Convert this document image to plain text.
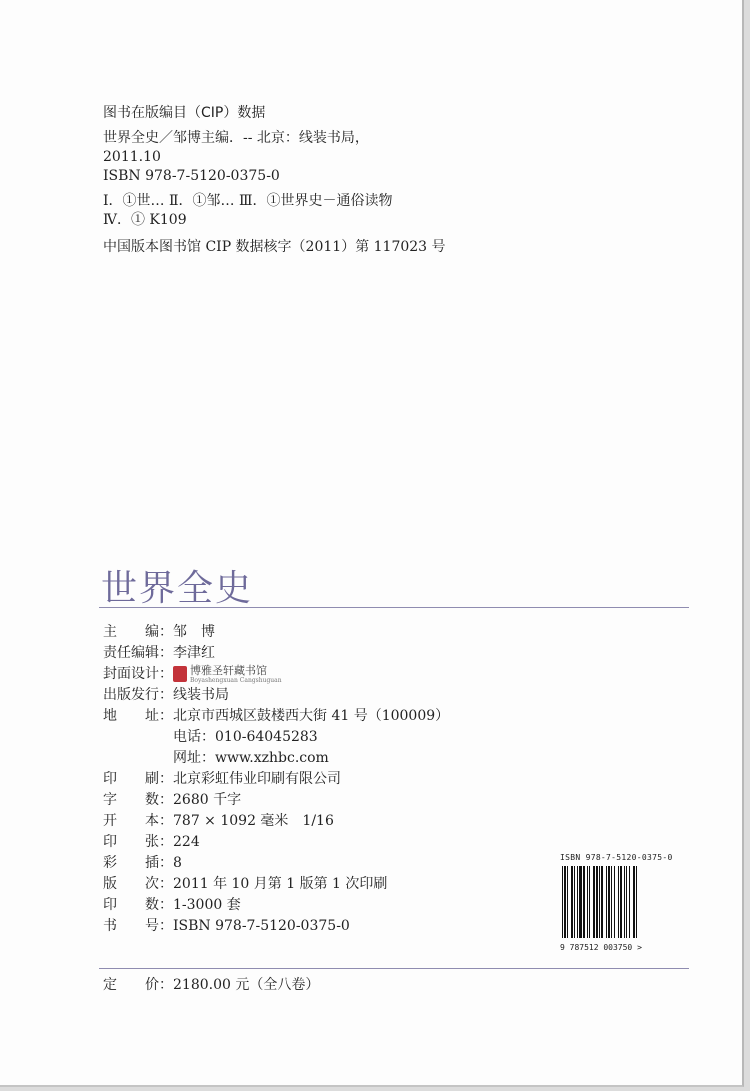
图书在版编目（CIP）数据
世界全史／邹博主编．-- 北京：线装书局，
2011.10
ISBN 978-7-5120-0375-0
Ⅰ．①世… Ⅱ．①邹… Ⅲ．①世界史－通俗读物
Ⅳ．① K109
中国版本图书馆 CIP 数据核字（2011）第 117023 号
世界全史
主　　编：邹　博
责任编辑：李津红
封面设计： 博雅圣轩藏书馆
Boyashengxuan Cangshuguan
出版发行：线装书局
地　　址：北京市西城区鼓楼西大街 41 号（100009）
电话：010-64045283
网址：www.xzhbc.com
印　　刷：北京彩虹伟业印刷有限公司
字　　数：2680 千字
开　　本：787 × 1092 毫米　1/16
印　　张：224
彩　　插：8
版　　次：2011 年 10 月第 1 版第 1 次印刷
印　　数：1-3000 套
书　　号：ISBN 978-7-5120-0375-0
定　　价：2180.00 元（全八卷）
ISBN 978-7-5120-0375-0
9 787512 003750 >
